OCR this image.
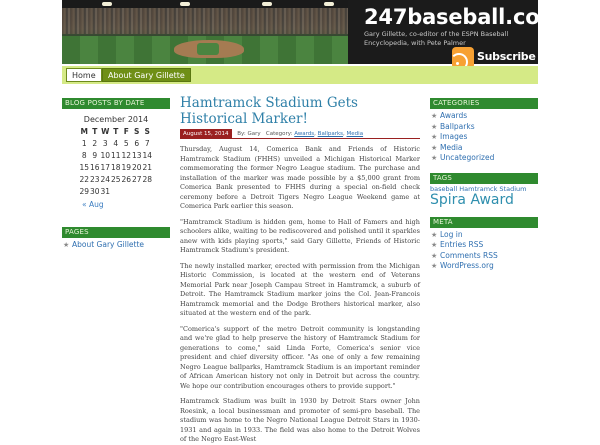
247baseball.com
Gary Gillette, co-editor of the ESPN Baseball Encyclopedia, with Pete Palmer
Subscribe
Home	About Gary Gillette
BLOG POSTS BY DATE
December 2014
M	T	W	T	F	S	S
1	2	3	4	5	6	7
8	9	10	11	12	13	14
15	16	17	18	19	20	21
22	23	24	25	26	27	28
29	30	31				
« Aug
PAGES
★ About Gary Gillette
Hamtramck Stadium Gets Historical Marker!
August 15, 2014 By: Gary Category: Awards, Ballparks, Media

Thursday, August 14, Comerica Bank and Friends of Historic Hamtramck Stadium (FHHS) unveiled a Michigan Historical Marker commemorating the former Negro League stadium. The purchase and installation of the marker was made possible by a $5,000 grant from Comerica Bank presented to FHHS during a special on-field check ceremony before a Detroit Tigers Negro League Weekend game at Comerica Park earlier this season.

"Hamtramck Stadium is hidden gem, home to Hall of Famers and high schoolers alike, waiting to be rediscovered and polished until it sparkles anew with kids playing sports," said Gary Gillette, Friends of Historic Hamtramck Stadium's president.

The newly installed marker, erected with permission from the Michigan Historic Commission, is located at the western end of Veterans Memorial Park near Joseph Campau Street in Hamtramck, a suburb of Detroit. The Hamtramck Stadium marker joins the Col. Jean-Francois Hamtramck memorial and the Dodge Brothers historical marker, also situated at the western end of the park.

"Comerica's support of the metro Detroit community is longstanding and we're glad to help preserve the history of Hamtramck Stadium for generations to come," said Linda Forte, Comerica's senior vice president and chief diversity officer. "As one of only a few remaining Negro League ballparks, Hamtramck Stadium is an important reminder of African American history not only in Detroit but across the country. We hope our contribution encourages others to provide support."

Hamtramck Stadium was built in 1930 by Detroit Stars owner John Roesink, a local businessman and promoter of semi-pro baseball. The stadium was home to the Negro National League Detroit Stars in 1930-1931 and again in 1933. The field was also home to the Detroit Wolves of the Negro East-West

CATEGORIES
★ Awards
★ Ballparks
★ Images
★ Media
★ Uncategorized
TAGS
baseball Hamtramck Stadium
Spira Award
META
★ Log in
★ Entries RSS
★ Comments RSS
★ WordPress.org
